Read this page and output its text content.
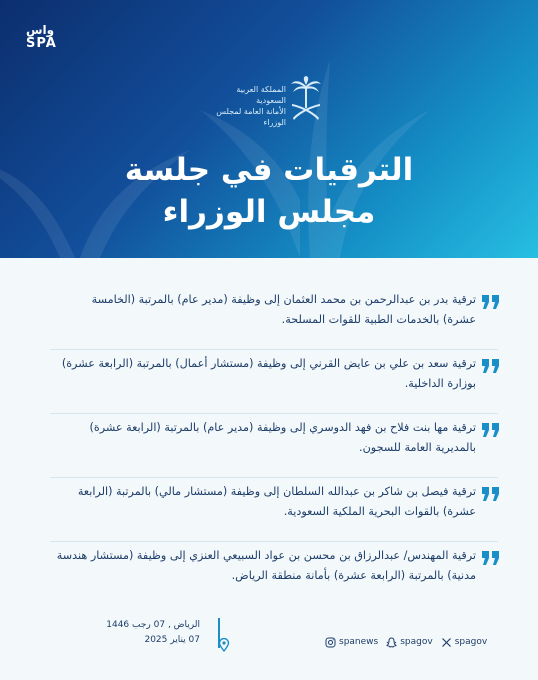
واس
SPA
المملكة العربية السعودية
الأمانة العامة لمجلس الوزراء
الترقيات في جلسة
مجلس الوزراء
ترقية بدر بن عبدالرحمن بن محمد العثمان إلى وظيفة (مدير عام) بالمرتبة (الخامسة عشرة) بالخدمات الطبية للقوات المسلحة.
ترقية سعد بن علي بن عايض القرني إلى وظيفة (مستشار أعمال) بالمرتبة (الرابعة عشرة) بوزارة الداخلية.
ترقية مها بنت فلاح بن فهد الدوسري إلى وظيفة (مدير عام) بالمرتبة (الرابعة عشرة) بالمديرية العامة للسجون.
ترقية فيصل بن شاكر بن عبدالله السلطان إلى وظيفة (مستشار مالي) بالمرتبة (الرابعة عشرة) بالقوات البحرية الملكية السعودية.
ترقية المهندس/ عبدالرزاق بن محسن بن عواد السبيعي العنزي إلى وظيفة (مستشار هندسة مدنية) بالمرتبة (الرابعة عشرة) بأمانة منطقة الرياض.
الرياض , 07 رجب 1446
07 يناير 2025	spanews spagov spagov
